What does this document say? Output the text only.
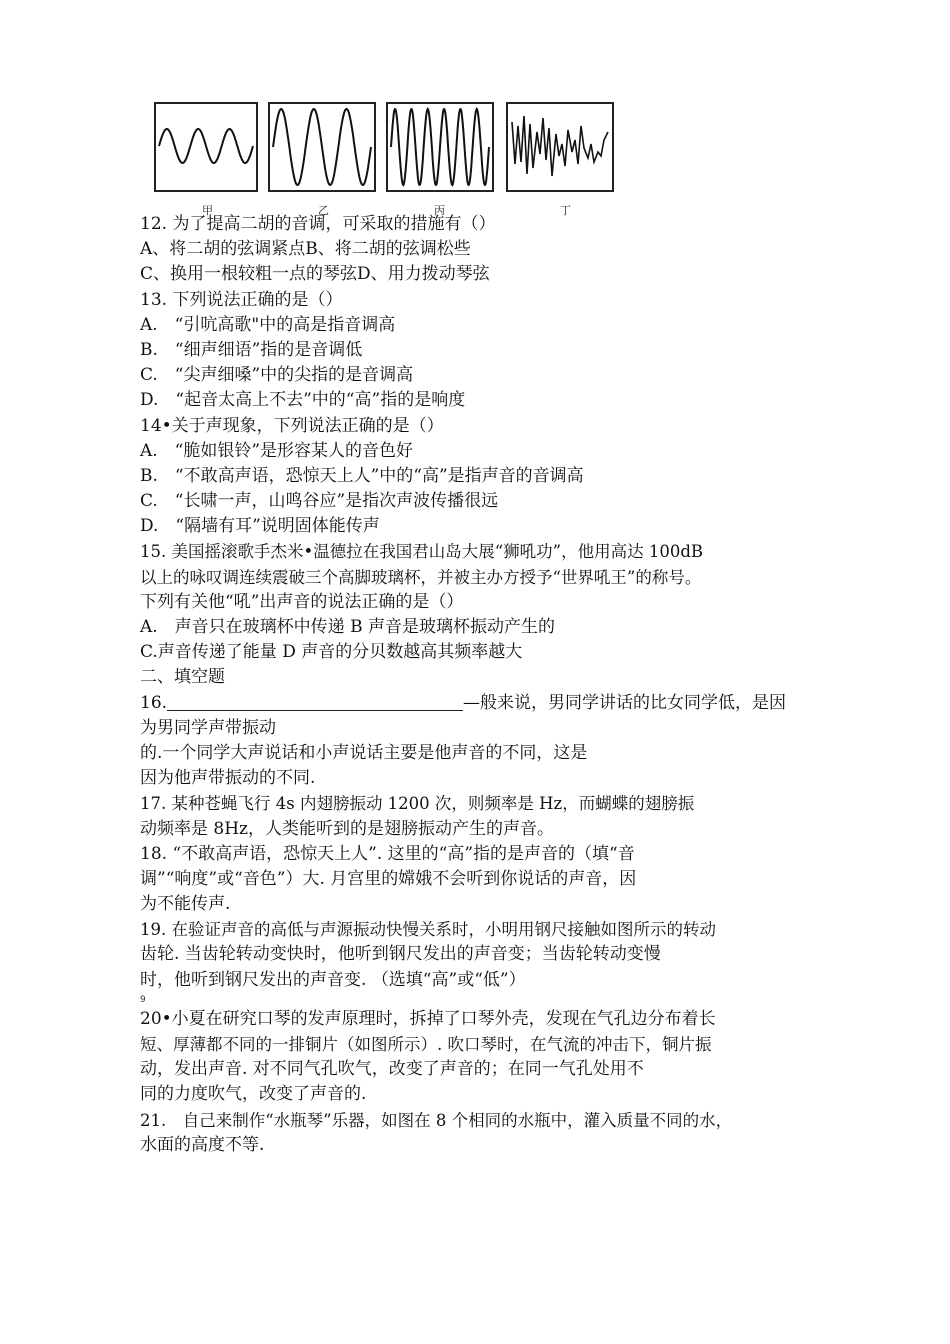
甲	乙	丙	丁
12. 为了提高二胡的音调，可采取的措施有（）
A、将二胡的弦调紧点B、将二胡的弦调松些
C、换用一根较粗一点的琴弦D、用力拨动琴弦
13. 下列说法正确的是（）
A.　“引吭高歌"中的高是指音调高
B.　“细声细语”指的是音调低
C.　“尖声细嗓”中的尖指的是音调高
D.　“起音太高上不去”中的“高”指的是响度
14•关于声现象，下列说法正确的是（）
A.　“脆如银铃”是形容某人的音色好
B.　“不敢高声语，恐惊天上人”中的“高”是指声音的音调高
C.　“长啸一声，山鸣谷应”是指次声波传播很远
D.　“隔墙有耳”说明固体能传声
15. 美国摇滚歌手杰米•温德拉在我国君山岛大展“狮吼功”，他用高达 100dB
以上的咏叹调连续震破三个高脚玻璃杯，并被主办方授予“世界吼王”的称号。
下列有关他“吼”出声音的说法正确的是（）
A.　声音只在玻璃杯中传递 B 声音是玻璃杯振动产生的
C.声音传递了能量 D 声音的分贝数越高其频率越大
二、填空题
16.	—般来说，男同学讲话的比女同学低，是因
为男同学声带振动
的.一个同学大声说话和小声说话主要是他声音的不同，这是
因为他声带振动的不同.
17. 某种苍蝇飞行 4s 内翅膀振动 1200 次，则频率是 Hz，而蝴蝶的翅膀振
动频率是 8Hz，人类能听到的是翅膀振动产生的声音。
18. “不敢高声语，恐惊天上人”. 这里的“高”指的是声音的（填“音
调”“响度”或“音色”）大. 月宫里的嫦娥不会听到你说话的声音，因
为不能传声.
19. 在验证声音的高低与声源振动快慢关系时，小明用钢尺接触如图所示的转动
齿轮. 当齿轮转动变快时，他听到钢尺发出的声音变；当齿轮转动变慢
时，他听到钢尺发出的声音变. （选填“高”或“低”）
9
20•小夏在研究口琴的发声原理时，拆掉了口琴外壳，发现在气孔边分布着长
短、厚薄都不同的一排铜片（如图所示）. 吹口琴时，在气流的冲击下，铜片振
动，发出声音. 对不同气孔吹气，改变了声音的；在同一气孔处用不
同的力度吹气，改变了声音的.
21.　自己来制作“水瓶琴”乐器，如图在 8 个相同的水瓶中，灌入质量不同的水，
水面的高度不等.
